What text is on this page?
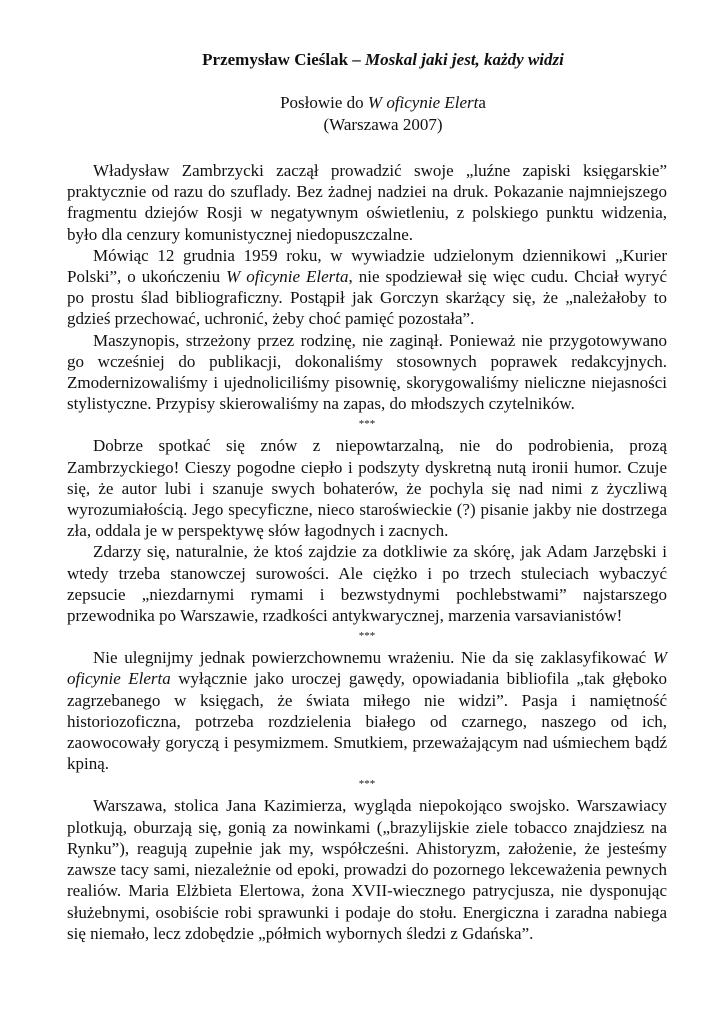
Przemysław Cieślak – Moskal jaki jest, każdy widzi
Posłowie do W oficynie Elerta
(Warszawa 2007)

Władysław Zambrzycki zaczął prowadzić swoje „luźne zapiski księgarskie” praktycznie od razu do szuflady. Bez żadnej nadziei na druk. Pokazanie najmniejszego fragmentu dziejów Rosji w negatywnym oświetleniu, z polskiego punktu widzenia, było dla cenzury komunistycznej niedopuszczalne.

Mówiąc 12 grudnia 1959 roku, w wywiadzie udzielonym dziennikowi „Kurier Polski”, o ukończeniu W oficynie Elerta, nie spodziewał się więc cudu. Chciał wyryć po prostu ślad bibliograficzny. Postąpił jak Gorczyn skarżący się, że „należałoby to gdzieś przechować, uchronić, żeby choć pamięć pozostała”.

Maszynopis, strzeżony przez rodzinę, nie zaginął. Ponieważ nie przygotowywano go wcześniej do publikacji, dokonaliśmy stosownych poprawek redakcyjnych. Zmodernizowaliśmy i ujednoliciliśmy pisownię, skorygowaliśmy nieliczne niejasności stylistyczne. Przypisy skierowaliśmy na zapas, do młodszych czytelników.

***

Dobrze spotkać się znów z niepowtarzalną, nie do podrobienia, prozą Zambrzyckiego! Cieszy pogodne ciepło i podszyty dyskretną nutą ironii humor. Czuje się, że autor lubi i szanuje swych bohaterów, że pochyla się nad nimi z życzliwą wyrozumiałością. Jego specyficzne, nieco staroświeckie (?) pisanie jakby nie dostrzega zła, oddala je w perspektywę słów łagodnych i zacnych.

Zdarzy się, naturalnie, że ktoś zajdzie za dotkliwie za skórę, jak Adam Jarzębski i wtedy trzeba stanowczej surowości. Ale ciężko i po trzech stuleciach wybaczyć zepsucie „niezdarnymi rymami i bezwstydnymi pochlebstwami” najstarszego przewodnika po Warszawie, rzadkości antykwarycznej, marzenia varsavianistów!

***

Nie ulegnijmy jednak powierzchownemu wrażeniu. Nie da się zaklasyfikować W oficynie Elerta wyłącznie jako uroczej gawędy, opowiadania bibliofila „tak głęboko zagrzebanego w księgach, że świata miłego nie widzi”. Pasja i namiętność historiozoficzna, potrzeba rozdzielenia białego od czarnego, naszego od ich, zaowocowały goryczą i pesymizmem. Smutkiem, przeważającym nad uśmiechem bądź kpiną.

***

Warszawa, stolica Jana Kazimierza, wygląda niepokojąco swojsko. Warszawiacy plotkują, oburzają się, gonią za nowinkami („brazylijskie ziele tobacco znajdziesz na Rynku”), reagują zupełnie jak my, współcześni. Ahistoryzm, założenie, że jesteśmy zawsze tacy sami, niezależnie od epoki, prowadzi do pozornego lekceważenia pewnych realiów. Maria Elżbieta Elertowa, żona XVII-wiecznego patrycjusza, nie dysponując służebnymi, osobiście robi sprawunki i podaje do stołu. Energiczna i zaradna nabiega się niemało, lecz zdobędzie „półmich wybornych śledzi z Gdańska”.
